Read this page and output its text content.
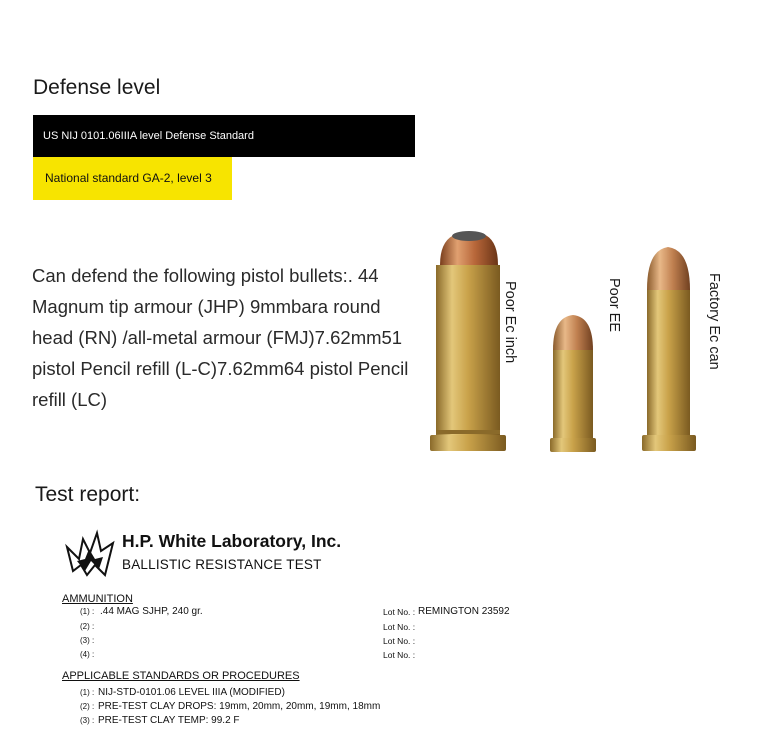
Defense level
US NIJ 0101.06IIIA level Defense Standard
National standard GA-2, level 3
Can defend the following pistol bullets:. 44 Magnum tip armour (JHP) 9mmbara round head (RN) /all-metal armour (FMJ)7.62mm51 pistol Pencil refill (L-C)7.62mm64 pistol Pencil refill (LC)
Poor Ec inch	Poor EE	Factory Ec can
Test report:
H.P. White Laboratory, Inc.
BALLISTIC RESISTANCE TEST
AMMUNITION
(1) : .44 MAG SJHP, 240 gr.	Lot No. : REMINGTON 23592
(2) :	Lot No. :
(3) :	Lot No. :
(4) :	Lot No. :
APPLICABLE STANDARDS OR PROCEDURES
(1) : NIJ-STD-0101.06 LEVEL IIIA (MODIFIED)
(2) : PRE-TEST CLAY DROPS: 19mm, 20mm, 20mm, 19mm, 18mm
(3) : PRE-TEST CLAY TEMP: 99.2 F
